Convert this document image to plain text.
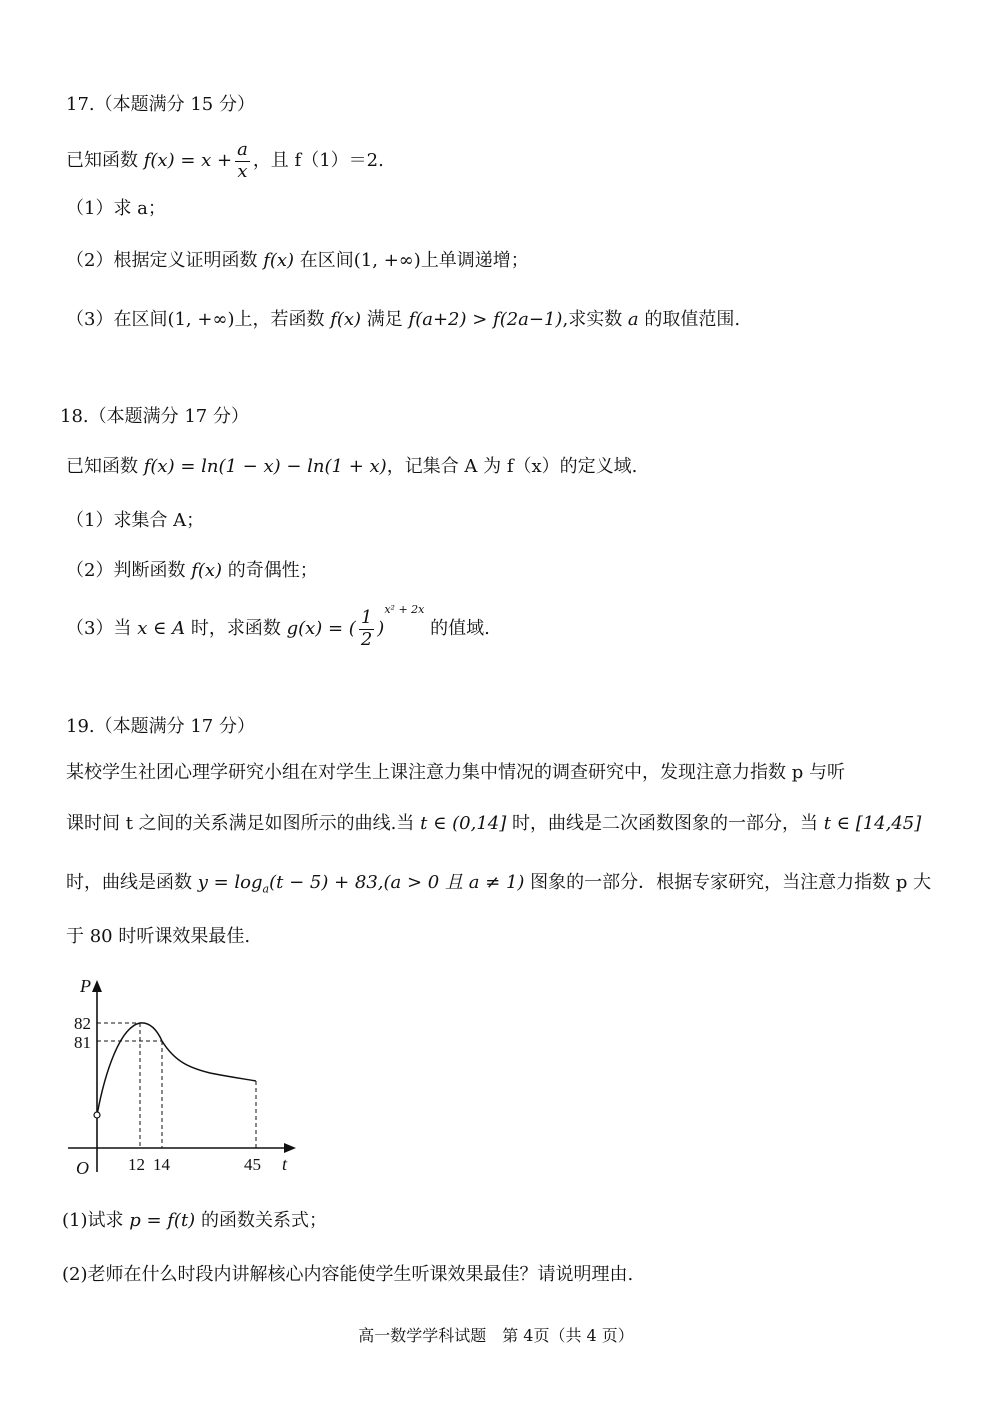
17.（本题满分 15 分）
已知函数 $f(x) = x + \frac{a}{x}$ ，且 f（1）＝2.
（1）求 a；
（2）根据定义证明函数 f(x) 在区间(1, +∞)上单调递增；
（3）在区间(1, +∞)上，若函数 f(x) 满足 f(a+2) > f(2a−1),求实数 a 的取值范围.
18.（本题满分 17 分）
已知函数 f(x) = ln(1 − x) − ln(1 + x)，记集合 A 为 f（x）的定义域.
（1）求集合 A；
（2）判断函数 f(x) 的奇偶性；
（3）当 x ∈ A 时，求函数 g(x) = ( $\frac{1}{2} )^{x^2 + 2x}$ 的值域.
19.（本题满分 17 分）
某校学生社团心理学研究小组在对学生上课注意力集中情况的调查研究中，发现注意力指数 p 与听
课时间 t 之间的关系满足如图所示的曲线.当 t ∈ (0,14] 时，曲线是二次函数图象的一部分，当 t ∈ [14,45]
时，曲线是函数 $y = \log_a(t - 5) + 83,(a > 0$ 且 a ≠ 1) 图象的一部分．根据专家研究，当注意力指数 p 大
于 80 时听课效果最佳.
P
t
O
82
81
12 14	45
(1)试求 p = f(t) 的函数关系式；
(2)老师在什么时段内讲解核心内容能使学生听课效果最佳？请说明理由.
高一数学学科试题　第 4页（共 4 页）
